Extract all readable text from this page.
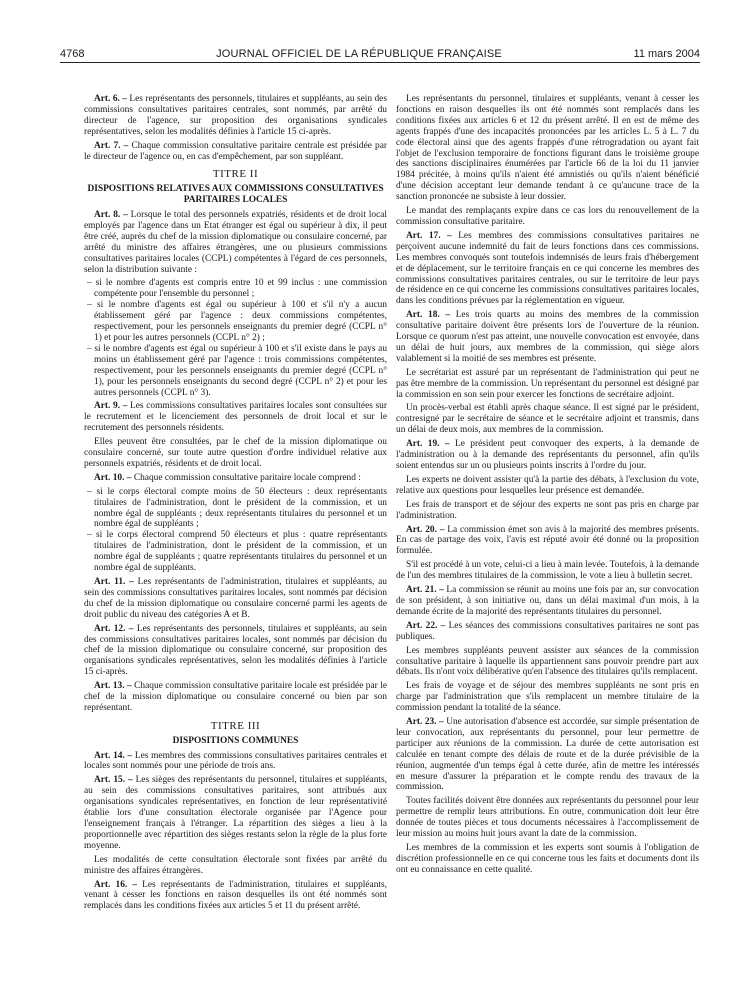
4768	JOURNAL OFFICIEL DE LA RÉPUBLIQUE FRANÇAISE	11 mars 2004

Art. 6. – Les représentants des personnels, titulaires et suppléants, au sein des commissions consultatives paritaires centrales, sont nommés, par arrêté du directeur de l'agence, sur proposition des organisations syndicales représentatives, selon les modalités définies à l'article 15 ci-après.

Art. 7. – Chaque commission consultative paritaire centrale est présidée par le directeur de l'agence ou, en cas d'empêchement, par son suppléant.

TITRE II

DISPOSITIONS RELATIVES AUX COMMISSIONS CONSULTATIVES PARITAIRES LOCALES

Art. 8. – Lorsque le total des personnels expatriés, résidents et de droit local employés par l'agence dans un Etat étranger est égal ou supérieur à dix, il peut être créé, auprès du chef de la mission diplomatique ou consulaire concerné, par arrêté du ministre des affaires étrangères, une ou plusieurs commissions consultatives paritaires locales (CCPL) compétentes à l'égard de ces personnels, selon la distribution suivante :

– si le nombre d'agents est compris entre 10 et 99 inclus : une commission compétente pour l'ensemble du personnel ;
– si le nombre d'agents est égal ou supérieur à 100 et s'il n'y a aucun établissement géré par l'agence : deux commissions compétentes, respectivement, pour les personnels enseignants du premier degré (CCPL n° 1) et pour les autres personnels (CCPL n° 2) ;
– si le nombre d'agents est égal ou supérieur à 100 et s'il existe dans le pays au moins un établissement géré par l'agence : trois commissions compétentes, respectivement, pour les personnels enseignants du premier degré (CCPL n° 1), pour les personnels enseignants du second degré (CCPL n° 2) et pour les autres personnels (CCPL n° 3).

Art. 9. – Les commissions consultatives paritaires locales sont consultées sur le recrutement et le licenciement des personnels de droit local et sur le recrutement des personnels résidents.

Elles peuvent être consultées, par le chef de la mission diplomatique ou consulaire concerné, sur toute autre question d'ordre individuel relative aux personnels expatriés, résidents et de droit local.

Art. 10. – Chaque commission consultative paritaire locale comprend :

– si le corps électoral compte moins de 50 électeurs : deux représentants titulaires de l'administration, dont le président de la commission, et un nombre égal de suppléants ; deux représentants titulaires du personnel et un nombre égal de suppléants ;
– si le corps électoral comprend 50 électeurs et plus : quatre représentants titulaires de l'administration, dont le président de la commission, et un nombre égal de suppléants ; quatre représentants titulaires du personnel et un nombre égal de suppléants.

Art. 11. – Les représentants de l'administration, titulaires et suppléants, au sein des commissions consultatives paritaires locales, sont nommés par décision du chef de la mission diplomatique ou consulaire concerné parmi les agents de droit public du niveau des catégories A et B.

Art. 12. – Les représentants des personnels, titulaires et suppléants, au sein des commissions consultatives paritaires locales, sont nommés par décision du chef de la mission diplomatique ou consulaire concerné, sur proposition des organisations syndicales représentatives, selon les modalités définies à l'article 15 ci-après.

Art. 13. – Chaque commission consultative paritaire locale est présidée par le chef de la mission diplomatique ou consulaire concerné ou bien par son représentant.

TITRE III

DISPOSITIONS COMMUNES

Art. 14. – Les membres des commissions consultatives paritaires centrales et locales sont nommés pour une période de trois ans.

Art. 15. – Les sièges des représentants du personnel, titulaires et suppléants, au sein des commissions consultatives paritaires, sont attribués aux organisations syndicales représentatives, en fonction de leur représentativité établie lors d'une consultation électorale organisée par l'Agence pour l'enseignement français à l'étranger. La répartition des sièges a lieu à la proportionnelle avec répartition des sièges restants selon la règle de la plus forte moyenne.

Les modalités de cette consultation électorale sont fixées par arrêté du ministre des affaires étrangères.

Art. 16. – Les représentants de l'administration, titulaires et suppléants, venant à cesser les fonctions en raison desquelles ils ont été nommés sont remplacés dans les conditions fixées aux articles 5 et 11 du présent arrêté.

Les représentants du personnel, titulaires et suppléants, venant à cesser les fonctions en raison desquelles ils ont été nommés sont remplacés dans les conditions fixées aux articles 6 et 12 du présent arrêté. Il en est de même des agents frappés d'une des incapacités prononcées par les articles L. 5 à L. 7 du code électoral ainsi que des agents frappés d'une rétrogradation ou ayant fait l'objet de l'exclusion temporaire de fonctions figurant dans le troisième groupe des sanctions disciplinaires énumérées par l'article 66 de la loi du 11 janvier 1984 précitée, à moins qu'ils n'aient été amnistiés ou qu'ils n'aient bénéficié d'une décision acceptant leur demande tendant à ce qu'aucune trace de la sanction prononcée ne subsiste à leur dossier.

Le mandat des remplaçants expire dans ce cas lors du renouvellement de la commission consultative paritaire.

Art. 17. – Les membres des commissions consultatives paritaires ne perçoivent aucune indemnité du fait de leurs fonctions dans ces commissions. Les membres convoqués sont toutefois indemnisés de leurs frais d'hébergement et de déplacement, sur le territoire français en ce qui concerne les membres des commissions consultatives paritaires centrales, ou sur le territoire de leur pays de résidence en ce qui concerne les commissions consultatives paritaires locales, dans les conditions prévues par la réglementation en vigueur.

Art. 18. – Les trois quarts au moins des membres de la commission consultative paritaire doivent être présents lors de l'ouverture de la réunion. Lorsque ce quorum n'est pas atteint, une nouvelle convocation est envoyée, dans un délai de huit jours, aux membres de la commission, qui siège alors valablement si la moitié de ses membres est présente.

Le secrétariat est assuré par un représentant de l'administration qui peut ne pas être membre de la commission. Un représentant du personnel est désigné par la commission en son sein pour exercer les fonctions de secrétaire adjoint.

Un procès-verbal est établi après chaque séance. Il est signé par le président, contresigné par le secrétaire de séance et le secrétaire adjoint et transmis, dans un délai de deux mois, aux membres de la commission.

Art. 19. – Le président peut convoquer des experts, à la demande de l'administration ou à la demande des représentants du personnel, afin qu'ils soient entendus sur un ou plusieurs points inscrits à l'ordre du jour.

Les experts ne doivent assister qu'à la partie des débats, à l'exclusion du vote, relative aux questions pour lesquelles leur présence est demandée.

Les frais de transport et de séjour des experts ne sont pas pris en charge par l'administration.

Art. 20. – La commission émet son avis à la majorité des membres présents. En cas de partage des voix, l'avis est réputé avoir été donné ou la proposition formulée.

S'il est procédé à un vote, celui-ci a lieu à main levée. Toutefois, à la demande de l'un des membres titulaires de la commission, le vote a lieu à bulletin secret.

Art. 21. – La commission se réunit au moins une fois par an, sur convocation de son président, à son initiative ou, dans un délai maximal d'un mois, à la demande écrite de la majorité des représentants titulaires du personnel.

Art. 22. – Les séances des commissions consultatives paritaires ne sont pas publiques.

Les membres suppléants peuvent assister aux séances de la commission consultative paritaire à laquelle ils appartiennent sans pouvoir prendre part aux débats. Ils n'ont voix délibérative qu'en l'absence des titulaires qu'ils remplacent.

Les frais de voyage et de séjour des membres suppléants ne sont pris en charge par l'administration que s'ils remplacent un membre titulaire de la commission pendant la totalité de la séance.

Art. 23. – Une autorisation d'absence est accordée, sur simple présentation de leur convocation, aux représentants du personnel, pour leur permettre de participer aux réunions de la commission. La durée de cette autorisation est calculée en tenant compte des délais de route et de la durée prévisible de la réunion, augmentée d'un temps égal à cette durée, afin de mettre les intéressés en mesure d'assurer la préparation et le compte rendu des travaux de la commission.

Toutes facilités doivent être données aux représentants du personnel pour leur permettre de remplir leurs attributions. En outre, communication doit leur être donnée de toutes pièces et tous documents nécessaires à l'accomplissement de leur mission au moins huit jours avant la date de la commission.

Les membres de la commission et les experts sont soumis à l'obligation de discrétion professionnelle en ce qui concerne tous les faits et documents dont ils ont eu connaissance en cette qualité.
